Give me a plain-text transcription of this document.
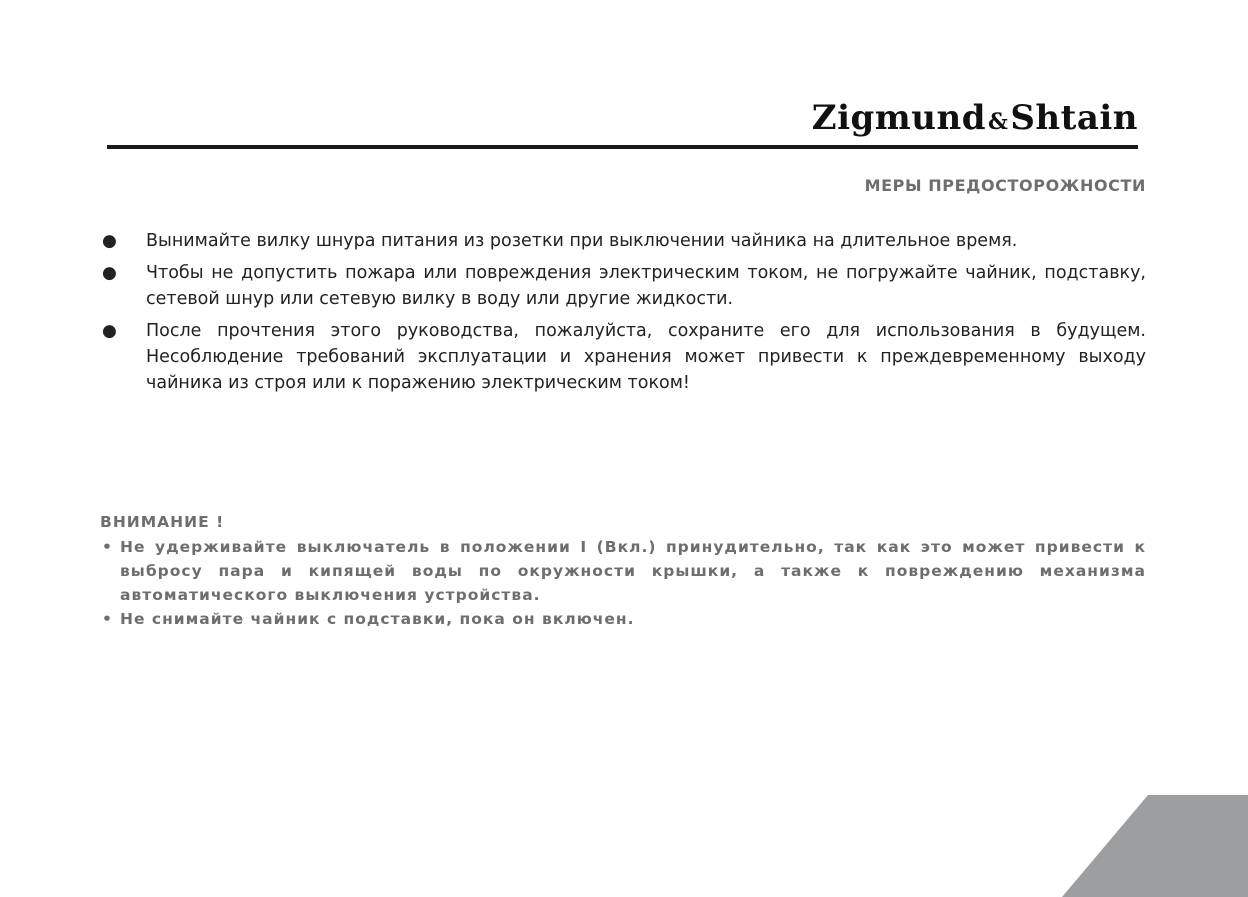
Zigmund&Shtain
МЕРЫ ПРЕДОСТОРОЖНОСТИ
● Вынимайте вилку шнура питания из розетки при выключении чайника на длительное время.
● Чтобы не допустить пожара или повреждения электрическим током, не погружайте чайник, подставку, сетевой шнур или сетевую вилку в воду или другие жидкости.
● После прочтения этого руководства, пожалуйста, сохраните его для использования в будущем. Несоблюдение требований эксплуатации и хранения может привести к преждевременному выходу чайника из строя или к поражению электрическим током!
ВНИМАНИЕ !
• Не удерживайте выключатель в положении I (Вкл.) принудительно, так как это может привести к выбросу пара и кипящей воды по окружности крышки, а также к повреждению механизма автоматического выключения устройства.
• Не снимайте чайник с подставки, пока он включен.
